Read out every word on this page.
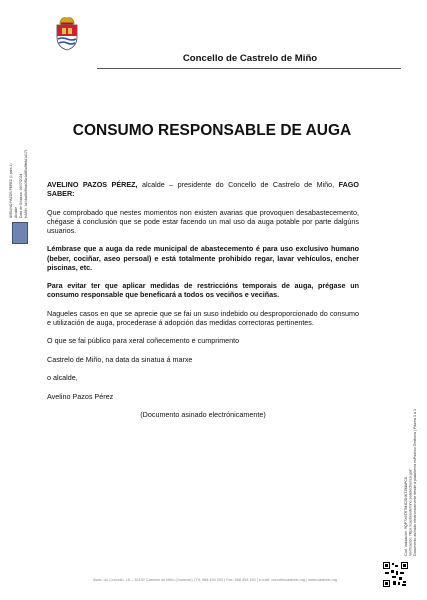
Concello de Castrelo de Miño
AVELINO PAZOS PÉREZ (1 para 1) Alcalde Data de Sinatura: 16/07/2024 HASH: 1a04ca9b96ab0f5a1d8f2a5fe8d1d171
CONSUMO RESPONSABLE DE AUGA

AVELINO PAZOS PÉREZ, alcalde – presidente do Concello de Castrelo de Miño, FAGO SABER:

Que comprobado que nestes momentos non existen avarias que provoquen desabastecemento, chégase á conclusión que se pode estar facendo un mal uso da auga potable por parte dalgúns usuarios.

Lémbrase que a auga da rede municipal de abastecemento é para uso exclusivo humano (beber, cociñar, aseo persoal) e está totalmente prohibido regar, lavar vehículos, encher piscinas, etc.

Para evitar ter que aplicar medidas de restriccións temporais de auga, prégase un consumo responsable que beneficará a todos os veciños e veciñas.

Nagueles casos en que se aprecie que se fai un suso indebido ou desproporcionado do consumo e utilización de auga, procederase á adopción das medidas correctoras pertinentes.

O que se fai público para xeral coñecemento e cumprimento

Castrelo de Miño, na data da sinatua á marxe

o alcalde,

Avelino Pazos Pérez

(Documento asinado electrónicamente)

Cód. Validación: 9QP7X6TR7M4DSNKTZMAPCK Verificación: https://castrelodemino.sedelectronica.gal/ Documento asinado electrónicamente desde a plataforma esPublico Gestiona | Páxina 1 a 1
Avda. do Concello, 16 – 32430 Castrelo de Miño (Ourense) | Tlf: 988 493 003 | Fax: 988 493 150 | e-mail: concellocastrelo.org | www.castrelo.org
